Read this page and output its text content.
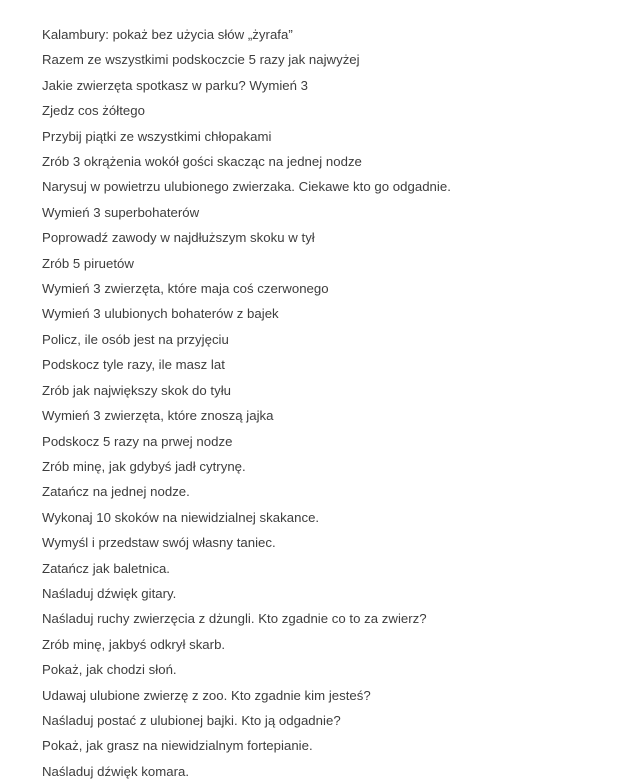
Kalambury: pokaż bez użycia słów „żyrafa”
Razem ze wszystkimi podskoczcie 5 razy jak najwyżej
Jakie zwierzęta spotkasz w parku? Wymień 3
Zjedz cos żółtego
Przybij piątki ze wszystkimi chłopakami
Zrób 3 okrążenia wokół gości skacząc na jednej nodze
Narysuj w powietrzu ulubionego zwierzaka. Ciekawe kto go odgadnie.
Wymień 3 superbohaterów
Poprowadź zawody w najdłuższym skoku w tył
Zrób 5 piruetów
Wymień 3 zwierzęta, które maja coś czerwonego
Wymień 3 ulubionych bohaterów z bajek
Policz, ile osób jest na przyjęciu
Podskocz tyle razy, ile masz lat
Zrób jak największy skok do tyłu
Wymień 3 zwierzęta, które znoszą jajka
Podskocz 5 razy na prwej nodze
Zrób minę, jak gdybyś jadł cytrynę.
Zatańcz na jednej nodze.
Wykonaj 10 skoków na niewidzialnej skakance.
Wymyśl i przedstaw swój własny taniec.
Zatańcz jak baletnica.
Naśladuj dźwięk gitary.
Naśladuj ruchy zwierzęcia z dżungli. Kto zgadnie co to za zwierz?
Zrób minę, jakbyś odkrył skarb.
Pokaż, jak chodzi słoń.
Udawaj ulubione zwierzę z zoo. Kto zgadnie kim jesteś?
Naśladuj postać z ulubionej bajki. Kto ją odgadnie?
Pokaż, jak grasz na niewidzialnym fortepianie.
Naśladuj dźwięk komara.
